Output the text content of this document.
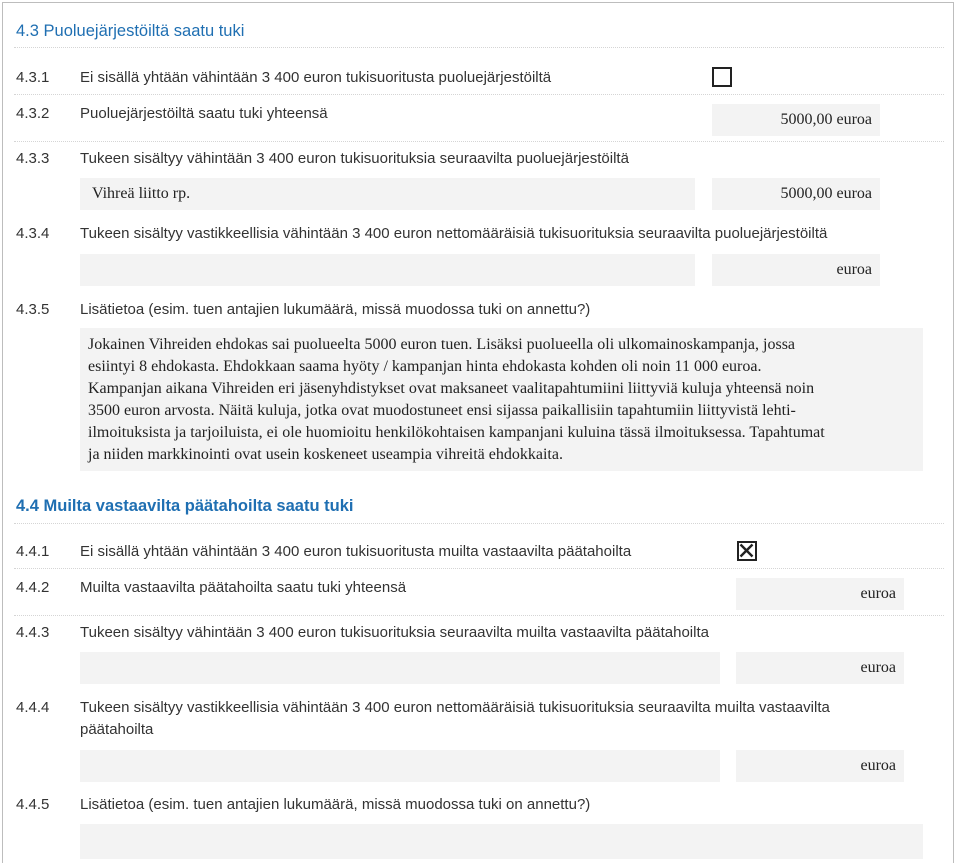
4.3 Puoluejärjestöiltä saatu tuki
4.3.1 Ei sisällä yhtään vähintään 3 400 euron tukisuoritusta puoluejärjestöiltä
4.3.2 Puoluejärjestöiltä saatu tuki yhteensä	5000,00 euroa
4.3.3 Tukeen sisältyy vähintään 3 400 euron tukisuorituksia seuraavilta puoluejärjestöiltä
Vihreä liitto rp.	5000,00 euroa
4.3.4 Tukeen sisältyy vastikkeellisia vähintään 3 400 euron nettomääräisiä tukisuorituksia seuraavilta puoluejärjestöiltä
euroa
4.3.5 Lisätietoa (esim. tuen antajien lukumäärä, missä muodossa tuki on annettu?)
Jokainen Vihreiden ehdokas sai puolueelta 5000 euron tuen. Lisäksi puolueella oli ulkomainoskampanja, jossa
esiintyi 8 ehdokasta. Ehdokkaan saama hyöty / kampanjan hinta ehdokasta kohden oli noin 11 000 euroa.
Kampanjan aikana Vihreiden eri jäsenyhdistykset ovat maksaneet vaalitapahtumiini liittyviä kuluja yhteensä noin
3500 euron arvosta. Näitä kuluja, jotka ovat muodostuneet ensi sijassa paikallisiin tapahtumiin liittyvistä lehti-
ilmoituksista ja tarjoiluista, ei ole huomioitu henkilökohtaisen kampanjani kuluina tässä ilmoituksessa. Tapahtumat
ja niiden markkinointi ovat usein koskeneet useampia vihreitä ehdokkaita.
4.4 Muilta vastaavilta päätahoilta saatu tuki
4.4.1 Ei sisällä yhtään vähintään 3 400 euron tukisuoritusta muilta vastaavilta päätahoilta
4.4.2 Muilta vastaavilta päätahoilta saatu tuki yhteensä	euroa
4.4.3 Tukeen sisältyy vähintään 3 400 euron tukisuorituksia seuraavilta muilta vastaavilta päätahoilta
euroa
4.4.4 Tukeen sisältyy vastikkeellisia vähintään 3 400 euron nettomääräisiä tukisuorituksia seuraavilta muilta vastaavilta
päätahoilta
euroa
4.4.5 Lisätietoa (esim. tuen antajien lukumäärä, missä muodossa tuki on annettu?)
